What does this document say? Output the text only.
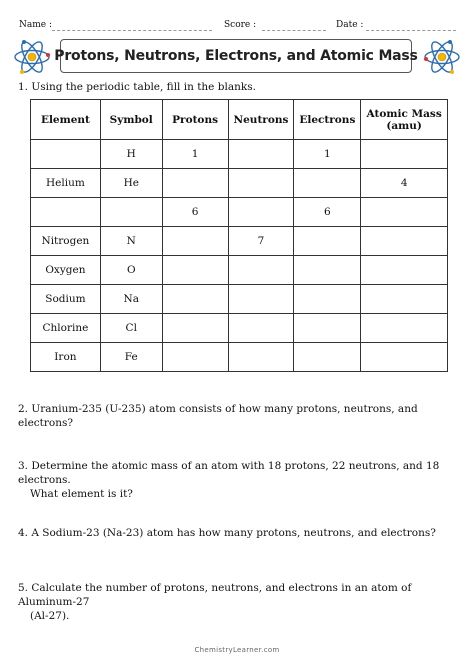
Name :	Score :	Date :
Protons, Neutrons, Electrons, and Atomic Mass
1. Using the periodic table, fill in the blanks.
Element	Symbol	Protons	Neutrons	Electrons	Atomic Mass
(amu)

	H	1		1	
Helium	He				4
		6		6	
Nitrogen	N		7		
Oxygen	O				
Sodium	Na				
Chlorine	Cl				
Iron	Fe				
2. Uranium-235 (U-235) atom consists of how many protons, neutrons, and electrons?
3. Determine the atomic mass of an atom with 18 protons, 22 neutrons, and 18 electrons.
What element is it?
4. A Sodium-23 (Na-23) atom has how many protons, neutrons, and electrons?
5. Calculate the number of protons, neutrons, and electrons in an atom of Aluminum-27
(Al-27).
ChemistryLearner.com
